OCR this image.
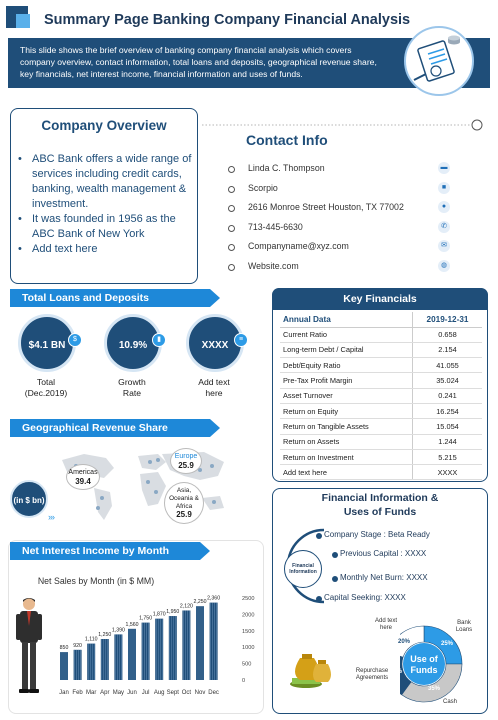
Summary Page Banking Company Financial Analysis
This slide shows the brief overview of banking company financial analysis which covers company overview, contact information, total loans and deposits, geographical revenue share, key financials, net interest income, financial information and uses of funds.
Company Overview
• ABC Bank offers a wide range of services including credit cards, banking, wealth management & investment.
• It was founded in 1956 as the ABC Bank of New York
• Add text here
Contact Info
Linda C. Thompson	▬
Scorpio	■
2616 Monroe Street Houston, TX 77002	●
713-445-6630	✆
Companyname@xyz.com	✉
Website.com	◍
Total Loans and Deposits
$4.1 BN
$
Total
(Dec.2019)
10.9%
▮
Growth
Rate
XXXX
≡
Add text
here
Geographical Revenue Share
Americas
39.4
Europe
25.9
Asia,
Oceania &
Africa
25.9
(in $ bn)
›››
Net Interest Income by Month
Net Sales by Month (in $ MM)
0
500
1000
1500
2000
2500
850
Jan
920
Feb
1,110
Mar
1,250
Apr
1,390
May
1,560
Jun
1,750
Jul
1,870
Aug
1,950
Sept
2,120
Oct
2,250
Nov
2,360
Dec
Key Financials
Annual Data	2019-12-31
Current Ratio	0.658
Long-term Debt / Capital	2.154
Debt/Equity Ratio	41.055
Pre-Tax Profit Margin	35.024
Asset Turnover	0.241
Return on Equity	16.254
Return on Tangible Assets	15.054
Return on Assets	1.244
Return on Investment	5.215
Add text here	XXXX
Financial Information &
Uses of Funds
Financial
Information
Company Stage : Beta Ready
Previous Capital : XXXX
Monthly Net Burn: XXXX
Capital Seeking: XXXX
Use of
Funds
Bank Loans
Cash
Repurchase Agreements
Add text here
25%
35%
20%
20%
